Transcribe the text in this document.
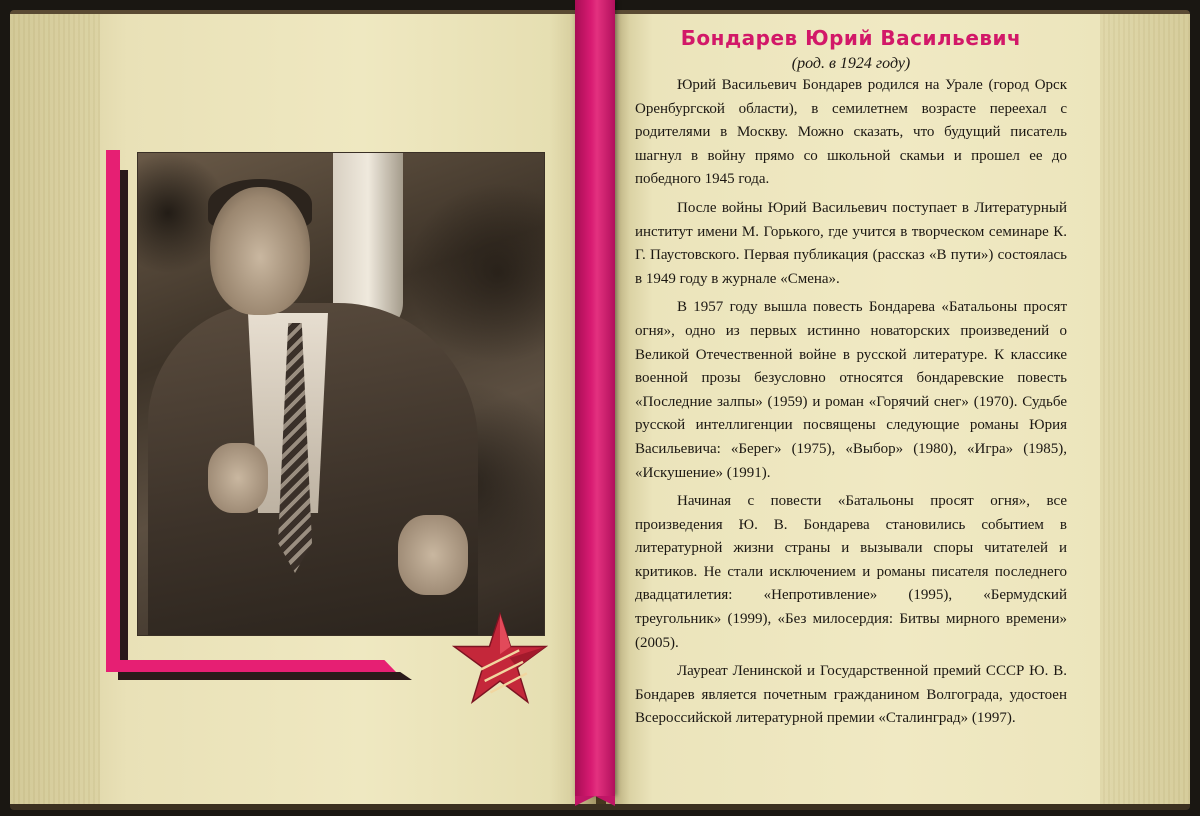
Бондарев Юрий Васильевич

(род. в 1924 году)

Юрий Васильевич Бондарев родился на Урале (город Орск Оренбургской области), в семилетнем возрасте переехал с родителями в Москву. Можно сказать, что будущий писатель шагнул в войну прямо со школьной скамьи и прошел ее до победного 1945 года.

После войны Юрий Васильевич поступает в Литературный институт имени М. Горького, где учится в творческом семинаре К. Г. Паустовского. Первая публикация (рассказ «В пути») состоялась в 1949 году в журнале «Смена».

В 1957 году вышла повесть Бондарева «Батальоны просят огня», одно из первых истинно новаторских произведений о Великой Отечественной войне в русской литературе. К классике военной прозы безусловно относятся бондаревские повесть «Последние залпы» (1959) и роман «Горячий снег» (1970). Судьбе русской интеллигенции посвящены следующие романы Юрия Васильевича: «Берег» (1975), «Выбор» (1980), «Игра» (1985), «Искушение» (1991).

Начиная с повести «Батальоны просят огня», все произведения Ю. В. Бондарева становились событием в литературной жизни страны и вызывали споры читателей и критиков. Не стали исключением и романы писателя последнего двадцатилетия: «Непротивление» (1995), «Бермудский треугольник» (1999), «Без милосердия: Битвы мирного времени» (2005).

Лауреат Ленинской и Государственной премий СССР Ю. В. Бондарев является почетным гражданином Волгограда, удостоен Всероссийской литературной премии «Сталинград» (1997).
